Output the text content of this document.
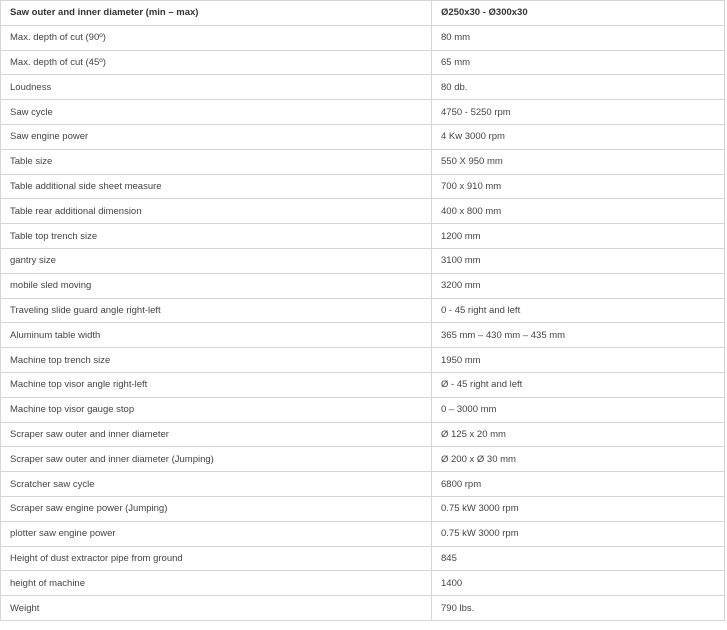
Saw outer and inner diameter (min – max)	Ø250x30 - Ø300x30
Max. depth of cut (90º)	80 mm
Max. depth of cut (45º)	65 mm
Loudness	80 db.
Saw cycle	4750 - 5250 rpm
Saw engine power	4 Kw 3000 rpm
Table size	550 X 950 mm
Table additional side sheet measure	700 x 910 mm
Table rear additional dimension	400 x 800 mm
Table top trench size	1200 mm
gantry size	3100 mm
mobile sled moving	3200 mm
Traveling slide guard angle right-left	0 - 45 right and left
Aluminum table width	365 mm – 430 mm – 435 mm
Machine top trench size	1950 mm
Machine top visor angle right-left	Ø - 45 right and left
Machine top visor gauge stop	0 – 3000 mm
Scraper saw outer and inner diameter	Ø 125 x 20 mm
Scraper saw outer and inner diameter (Jumping)	Ø 200 x Ø 30 mm
Scratcher saw cycle	6800 rpm
Scraper saw engine power (Jumping)	0.75 kW 3000 rpm
plotter saw engine power	0.75 kW 3000 rpm
Height of dust extractor pipe from ground	845
height of machine	1400
Weight	790 lbs.
